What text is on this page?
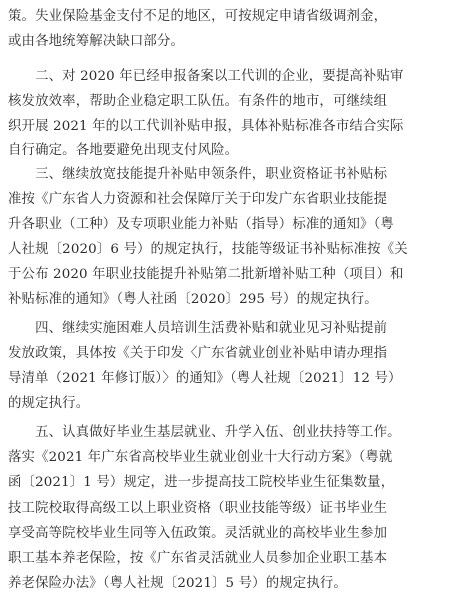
策。失业保险基金支付不足的地区，可按规定申请省级调剂金，
或由各地统筹解决缺口部分。
　　二、对 2020 年已经申报备案以工代训的企业，要提高补贴审
核发放效率，帮助企业稳定职工队伍。有条件的地市，可继续组
织开展 2021 年的以工代训补贴申报，具体补贴标准各市结合实际
自行确定。各地要避免出现支付风险。
　　三、继续放宽技能提升补贴申领条件，职业资格证书补贴标
准按《广东省人力资源和社会保障厅关于印发广东省职业技能提
升各职业（工种）及专项职业能力补贴（指导）标准的通知》（粤
人社规〔2020〕6 号）的规定执行，技能等级证书补贴标准按《关
于公布 2020 年职业技能提升补贴第二批新增补贴工种（项目）和
补贴标准的通知》（粤人社函〔2020〕295 号）的规定执行。
　　四、继续实施困难人员培训生活费补贴和就业见习补贴提前
发放政策，具体按《关于印发〈广东省就业创业补贴申请办理指
导清单（2021 年修订版）〉的通知》（粤人社规〔2021〕12 号）
的规定执行。
　　五、认真做好毕业生基层就业、升学入伍、创业扶持等工作。
落实《2021 年广东省高校毕业生就业创业十大行动方案》（粤就
函〔2021〕1 号）规定，进一步提高技工院校毕业生征集数量，
技工院校取得高级工以上职业资格（职业技能等级）证书毕业生
享受高等院校毕业生同等入伍政策。灵活就业的高校毕业生参加
职工基本养老保险，按《广东省灵活就业人员参加企业职工基本
养老保险办法》（粤人社规〔2021〕5 号）的规定执行。
